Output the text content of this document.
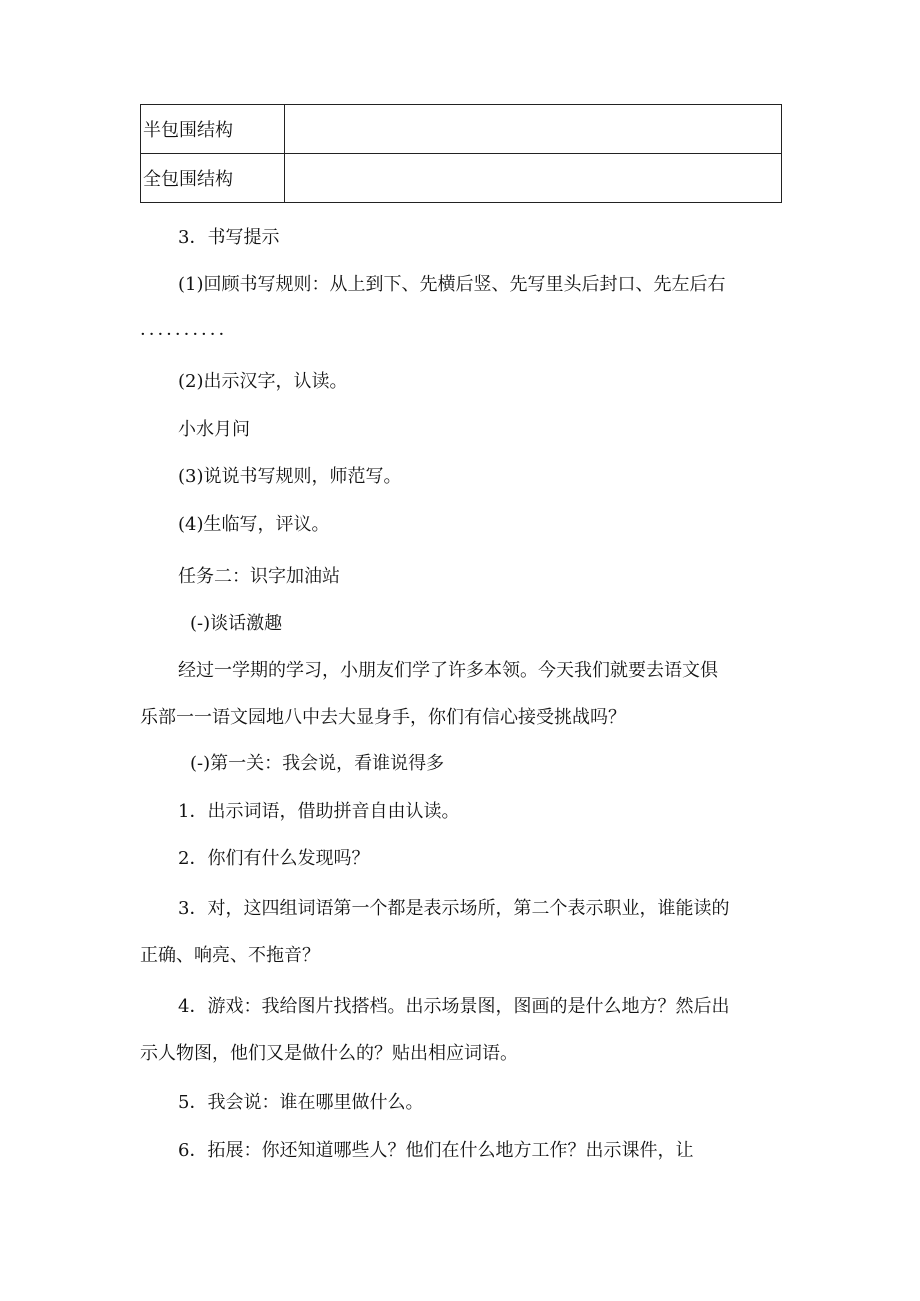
半包围结构	
全包围结构	
3．书写提示
(1)回顾书写规则：从上到下、先横后竖、先写里头后封口、先左后右
··········
(2)出示汉字，认读。
小水月问
(3)说说书写规则，师范写。
(4)生临写，评议。
任务二：识字加油站
(-)谈话激趣
经过一学期的学习，小朋友们学了许多本领。今天我们就要去语文俱
乐部一一语文园地八中去大显身手，你们有信心接受挑战吗？
(-)第一关：我会说，看谁说得多
1．出示词语，借助拼音自由认读。
2．你们有什么发现吗？
3．对，这四组词语第一个都是表示场所，第二个表示职业，谁能读的
正确、响亮、不拖音？
4．游戏：我给图片找搭档。出示场景图，图画的是什么地方？然后出
示人物图，他们又是做什么的？贴出相应词语。
5．我会说：谁在哪里做什么。
6．拓展：你还知道哪些人？他们在什么地方工作？出示课件，让
